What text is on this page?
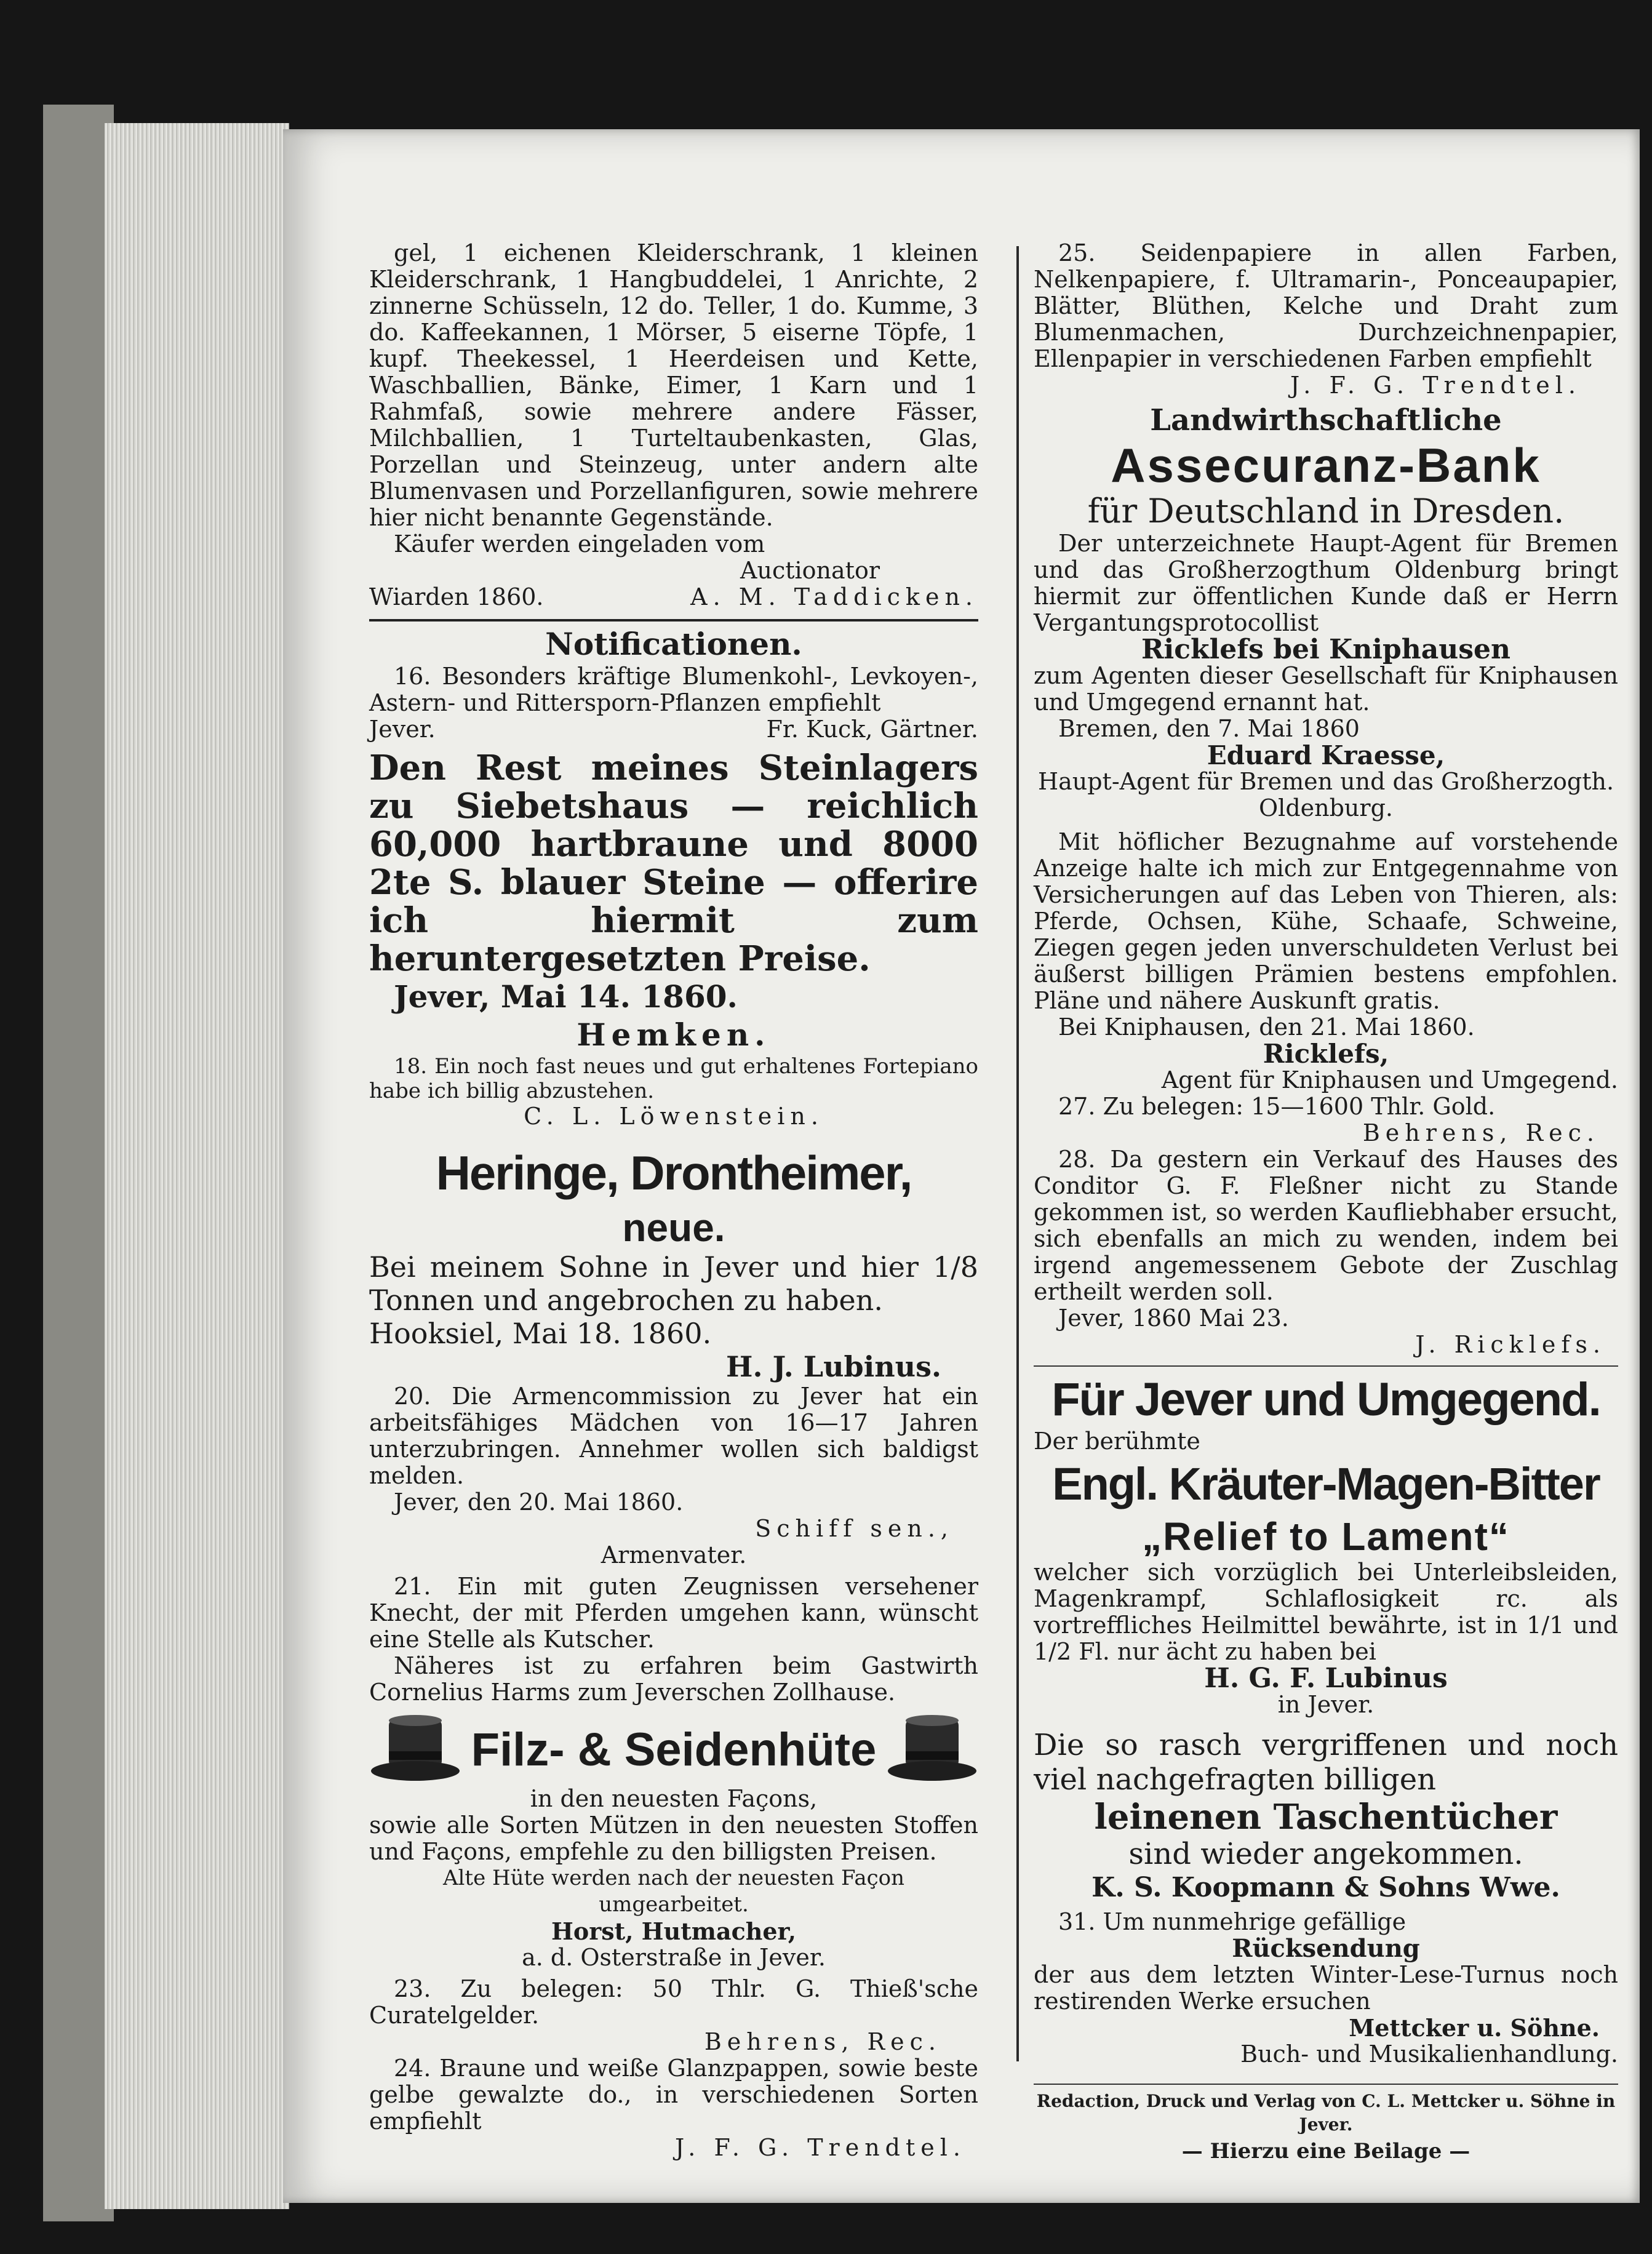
gel, 1 eichenen Kleiderschrank, 1 kleinen Kleiderschrank, 1 Hangbuddelei, 1 Anrichte, 2 zinnerne Schüsseln, 12 do. Teller, 1 do. Kumme, 3 do. Kaffeekannen, 1 Mörser, 5 eiserne Töpfe, 1 kupf. Theekessel, 1 Heerdeisen und Kette, Waschballien, Bänke, Eimer, 1 Karn und 1 Rahmfaß, sowie mehrere andere Fässer, Milchballien, 1 Turteltaubenkasten, Glas, Porzellan und Steinzeug, unter andern alte Blumenvasen und Porzellanfiguren, sowie mehrere hier nicht benannte Gegenstände.

Käufer werden eingeladen vom

Auctionator

Wiarden 1860.	A. M. Taddicken.

Notificationen.

16. Besonders kräftige Blumenkohl-, Levkoyen-, Astern- und Rittersporn-Pflanzen empfiehlt

Jever.	Fr. Kuck, Gärtner.

Den Rest meines Steinlagers zu Siebetshaus — reichlich 60,000 hartbraune und 8000 2te S. blauer Steine — offerire ich hiermit zum heruntergesetzten Preise.

Jever, Mai 14. 1860.

Hemken.

18. Ein noch fast neues und gut erhaltenes Fortepiano habe ich billig abzustehen.

C. L. Löwenstein.

Heringe, Drontheimer,

neue.

Bei meinem Sohne in Jever und hier 1/8 Tonnen und angebrochen zu haben.

Hooksiel, Mai 18. 1860.

H. J. Lubinus.

20. Die Armencommission zu Jever hat ein arbeitsfähiges Mädchen von 16—17 Jahren unterzubringen. Annehmer wollen sich baldigst melden.

Jever, den 20. Mai 1860.

Schiff sen.,

Armenvater.

21. Ein mit guten Zeugnissen versehener Knecht, der mit Pferden umgehen kann, wünscht eine Stelle als Kutscher.

Näheres ist zu erfahren beim Gastwirth Cornelius Harms zum Jeverschen Zollhause.

Filz- & Seidenhüte

in den neuesten Façons,

sowie alle Sorten Mützen in den neuesten Stoffen und Façons, empfehle zu den billigsten Preisen.

Alte Hüte werden nach der neuesten Façon umgearbeitet.

Horst, Hutmacher,

a. d. Osterstraße in Jever.

23. Zu belegen: 50 Thlr. G. Thieß'sche Curatelgelder.

Behrens, Rec.

24. Braune und weiße Glanzpappen, sowie beste gelbe gewalzte do., in verschiedenen Sorten empfiehlt

J. F. G. Trendtel.

25. Seidenpapiere in allen Farben, Nelkenpapiere, f. Ultramarin-, Ponceaupapier, Blätter, Blüthen, Kelche und Draht zum Blumenmachen, Durchzeichnenpapier, Ellenpapier in verschiedenen Farben empfiehlt

J. F. G. Trendtel.

Landwirthschaftliche

Assecuranz-Bank

für Deutschland in Dresden.

Der unterzeichnete Haupt-Agent für Bremen und das Großherzogthum Oldenburg bringt hiermit zur öffentlichen Kunde daß er Herrn Vergantungsprotocollist

Ricklefs bei Kniphausen

zum Agenten dieser Gesellschaft für Kniphausen und Umgegend ernannt hat.

Bremen, den 7. Mai 1860

Eduard Kraesse,

Haupt-Agent für Bremen und das Großherzogth. Oldenburg.

Mit höflicher Bezugnahme auf vorstehende Anzeige halte ich mich zur Entgegennahme von Versicherungen auf das Leben von Thieren, als: Pferde, Ochsen, Kühe, Schaafe, Schweine, Ziegen gegen jeden unverschuldeten Verlust bei äußerst billigen Prämien bestens empfohlen. Pläne und nähere Auskunft gratis.

Bei Kniphausen, den 21. Mai 1860.

Ricklefs,

Agent für Kniphausen und Umgegend.

27. Zu belegen: 15—1600 Thlr. Gold.

Behrens, Rec.

28. Da gestern ein Verkauf des Hauses des Conditor G. F. Fleßner nicht zu Stande gekommen ist, so werden Kaufliebhaber ersucht, sich ebenfalls an mich zu wenden, indem bei irgend angemessenem Gebote der Zuschlag ertheilt werden soll.

Jever, 1860 Mai 23.

J. Ricklefs.

Für Jever und Umgegend.

Der berühmte

Engl. Kräuter-Magen-Bitter

„Relief to Lament“

welcher sich vorzüglich bei Unterleibsleiden, Magenkrampf, Schlaflosigkeit rc. als vortreffliches Heilmittel bewährte, ist in 1/1 und 1/2 Fl. nur ächt zu haben bei

H. G. F. Lubinus

in Jever.

Die so rasch vergriffenen und noch viel nachgefragten billigen

leinenen Taschentücher

sind wieder angekommen.

K. S. Koopmann & Sohns Wwe.

31. Um nunmehrige gefällige

Rücksendung

der aus dem letzten Winter-Lese-Turnus noch restirenden Werke ersuchen

Mettcker u. Söhne.

Buch- und Musikalienhandlung.

Redaction, Druck und Verlag von C. L. Mettcker u. Söhne in Jever.

— Hierzu eine Beilage —
